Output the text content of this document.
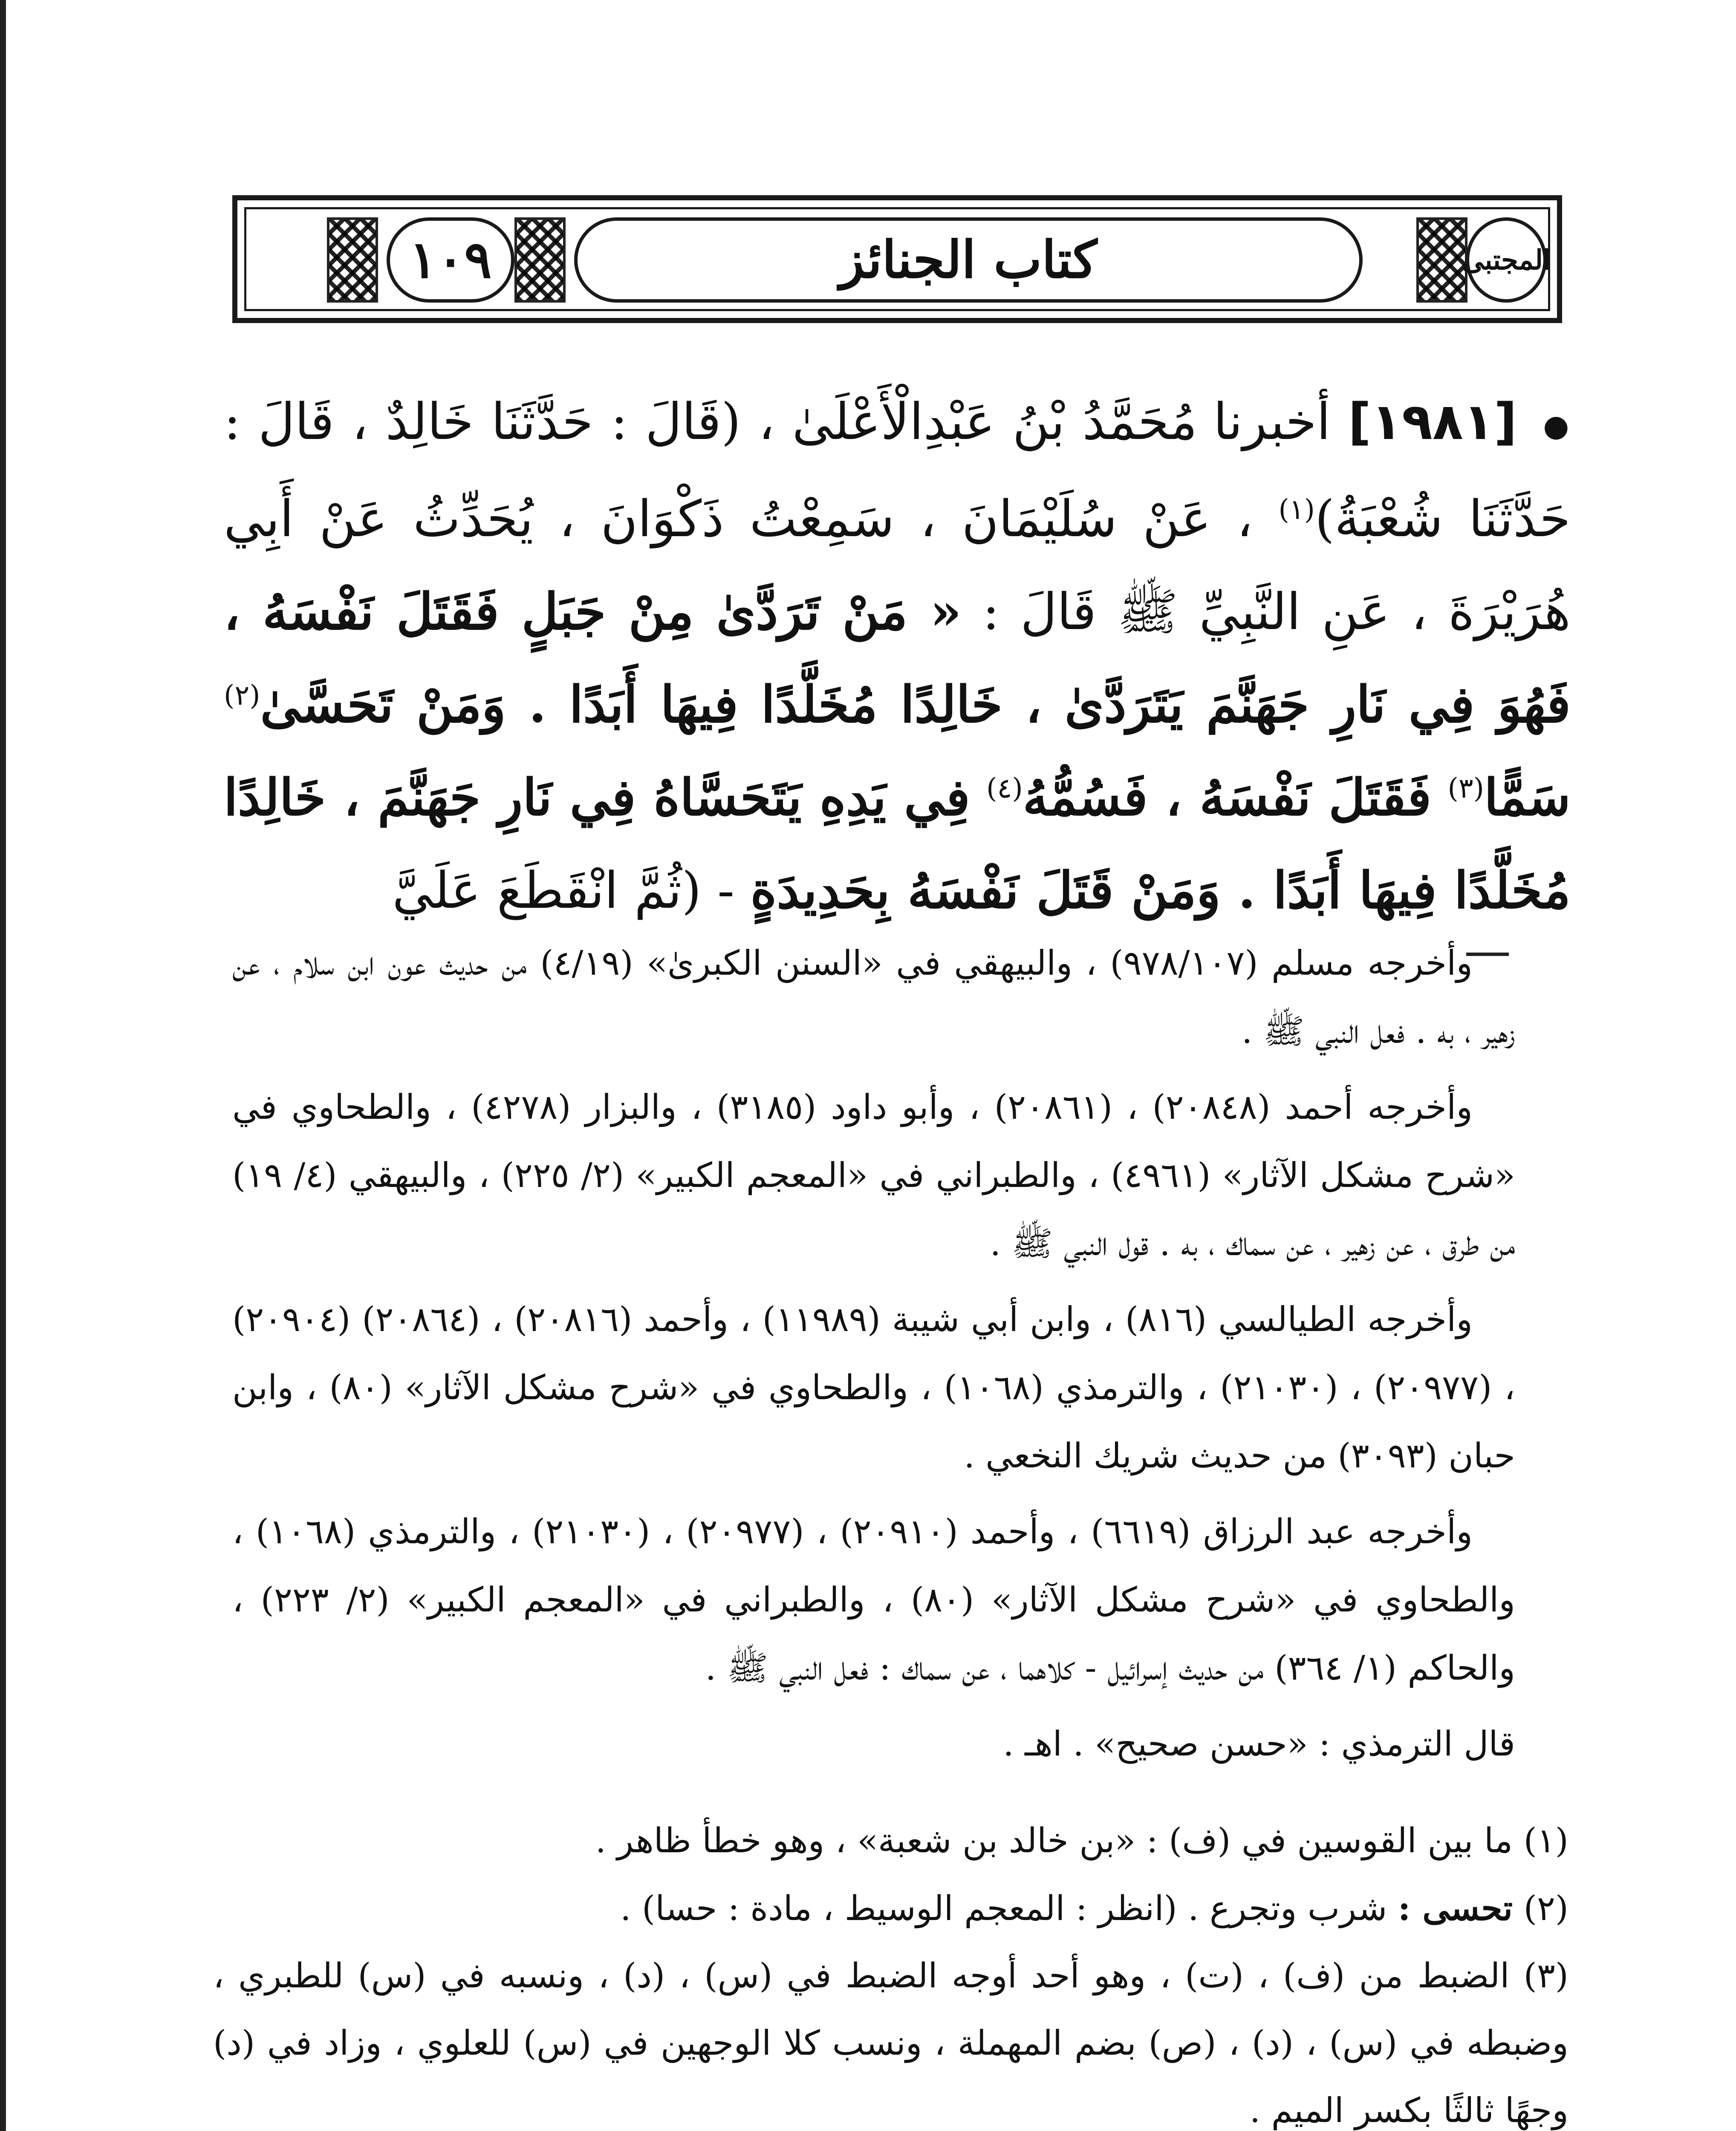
١٠٩	كتاب الجنائز	المجتبى
● [١٩٨١] أخبرنا مُحَمَّدُ بْنُ عَبْدِالْأَعْلَىٰ ، (قَالَ : حَدَّثَنَا خَالِدٌ ، قَالَ : حَدَّثَنَا شُعْبَةُ)$^{(١)}$ ، عَنْ سُلَيْمَانَ ، سَمِعْتُ ذَكْوَانَ ، يُحَدِّثُ عَنْ أَبِي هُرَيْرَةَ ، عَنِ النَّبِيِّ ﷺ قَالَ : « مَنْ تَرَدَّىٰ مِنْ جَبَلٍ فَقَتَلَ نَفْسَهُ ، فَهُوَ فِي نَارِ جَهَنَّمَ يَتَرَدَّىٰ ، خَالِدًا مُخَلَّدًا فِيهَا أَبَدًا . وَمَنْ تَحَسَّىٰ$^{(٢)}$ سَمًّا$^{(٣)}$ فَقَتَلَ نَفْسَهُ ، فَسُمُّهُ$^{(٤)}$ فِي يَدِهِ يَتَحَسَّاهُ فِي نَارِ جَهَنَّمَ ، خَالِدًا مُخَلَّدًا فِيهَا أَبَدًا . وَمَنْ قَتَلَ نَفْسَهُ بِحَدِيدَةٍ - (ثُمَّ انْقَطَعَ عَلَيَّ

وأخرجه مسلم (٩٧٨/١٠٧) ، والبيهقي في «السنن الكبرىٰ» (٤/١٩) من حديث عون ابن سلام ، عن زهير ، به . فعل النبي ﷺ .

وأخرجه أحمد (٢٠٨٤٨) ، (٢٠٨٦١) ، وأبو داود (٣١٨٥) ، والبزار (٤٢٧٨) ، والطحاوي في «شرح مشكل الآثار» (٤٩٦١) ، والطبراني في «المعجم الكبير» (٢/ ٢٢٥) ، والبيهقي (٤/ ١٩) من طرق ، عن زهير ، عن سماك ، به . قول النبي ﷺ .

وأخرجه الطيالسي (٨١٦) ، وابن أبي شيبة (١١٩٨٩) ، وأحمد (٢٠٨١٦) ، (٢٠٨٦٤) (٢٠٩٠٤) ، (٢٠٩٧٧) ، (٢١٠٣٠) ، والترمذي (١٠٦٨) ، والطحاوي في «شرح مشكل الآثار» (٨٠) ، وابن حبان (٣٠٩٣) من حديث شريك النخعي .

وأخرجه عبد الرزاق (٦٦١٩) ، وأحمد (٢٠٩١٠) ، (٢٠٩٧٧) ، (٢١٠٣٠) ، والترمذي (١٠٦٨) ، والطحاوي في «شرح مشكل الآثار» (٨٠) ، والطبراني في «المعجم الكبير» (٢/ ٢٢٣) ، والحاكم (١/ ٣٦٤) من حديث إسرائيل - كلاهما ، عن سماك : فعل النبي ﷺ .

قال الترمذي : «حسن صحيح» . اهـ .

(١) ما بين القوسين في (ف) : «بن خالد بن شعبة» ، وهو خطأ ظاهر .

(٢) تحسى : شرب وتجرع . (انظر : المعجم الوسيط ، مادة : حسا) .

(٣) الضبط من (ف) ، (ت) ، وهو أحد أوجه الضبط في (س) ، (د) ، ونسبه في (س) للطبري ، وضبطه في (س) ، (د) ، (ص) بضم المهملة ، ونسب كلا الوجهين في (س) للعلوي ، وزاد في (د) وجهًا ثالثًا بكسر الميم .
